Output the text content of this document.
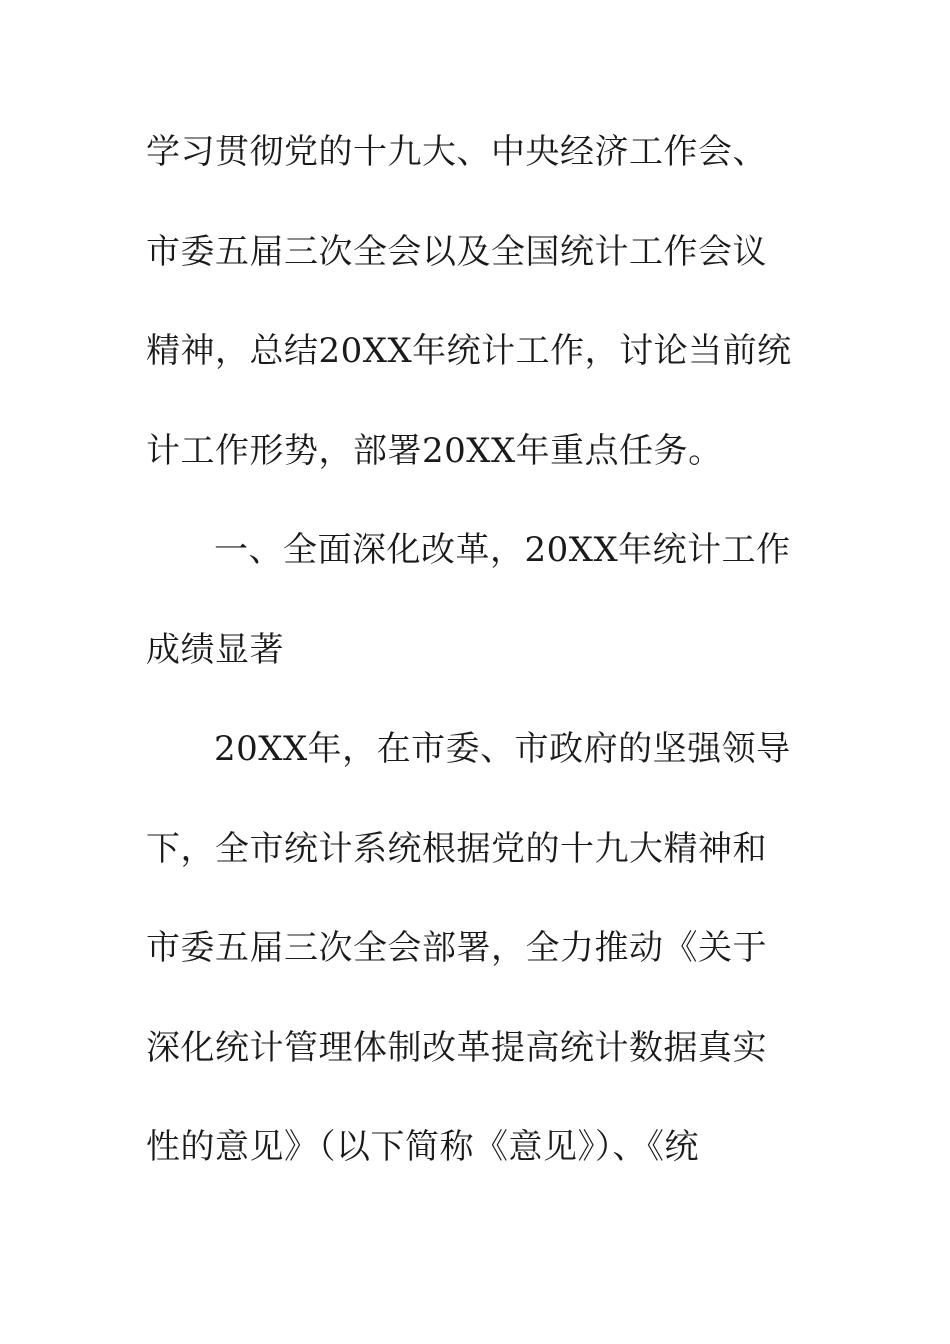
学习贯彻党的十九大、中央经济工作会、
市委五届三次全会以及全国统计工作会议
精神，总结20XX年统计工作，讨论当前统
计工作形势，部署20XX年重点任务。
一、全面深化改革，20XX年统计工作
成绩显著
20XX年，在市委、市政府的坚强领导
下，全市统计系统根据党的十九大精神和
市委五届三次全会部署，全力推动《关于
深化统计管理体制改革提高统计数据真实
性的意见》（以下简称《意见》）、《统
